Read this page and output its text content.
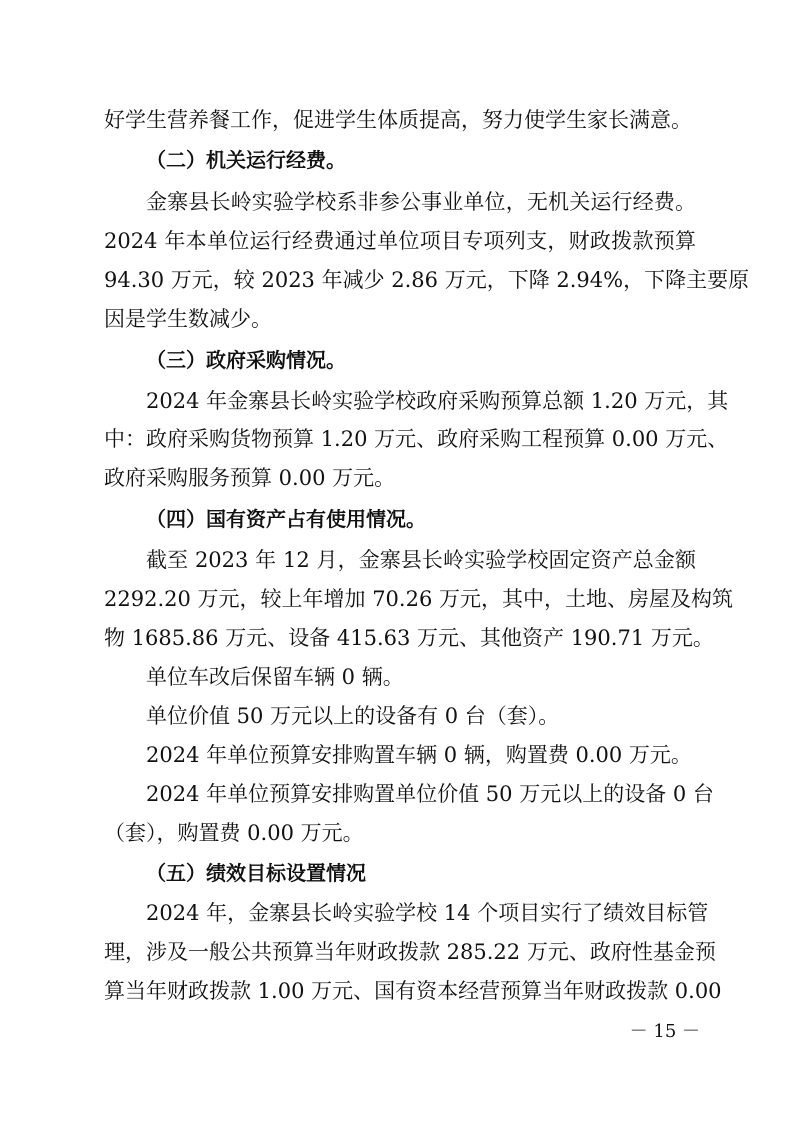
好学生营养餐工作，促进学生体质提高，努力使学生家长满意。
（二）机关运行经费。
金寨县长岭实验学校系非参公事业单位，无机关运行经费。
2024 年本单位运行经费通过单位项目专项列支，财政拨款预算
94.30 万元，较 2023 年减少 2.86 万元，下降 2.94%，下降主要原
因是学生数减少。
（三）政府采购情况。
2024 年金寨县长岭实验学校政府采购预算总额 1.20 万元，其
中：政府采购货物预算 1.20 万元、政府采购工程预算 0.00 万元、
政府采购服务预算 0.00 万元。
（四）国有资产占有使用情况。
截至 2023 年 12 月，金寨县长岭实验学校固定资产总金额
2292.20 万元，较上年增加 70.26 万元，其中，土地、房屋及构筑
物 1685.86 万元、设备 415.63 万元、其他资产 190.71 万元。
单位车改后保留车辆 0 辆。
单位价值 50 万元以上的设备有 0 台（套）。
2024 年单位预算安排购置车辆 0 辆，购置费 0.00 万元。
2024 年单位预算安排购置单位价值 50 万元以上的设备 0 台
（套），购置费 0.00 万元。
（五）绩效目标设置情况
2024 年，金寨县长岭实验学校 14 个项目实行了绩效目标管
理，涉及一般公共预算当年财政拨款 285.22 万元、政府性基金预
算当年财政拨款 1.00 万元、国有资本经营预算当年财政拨款 0.00
－ 15 －
